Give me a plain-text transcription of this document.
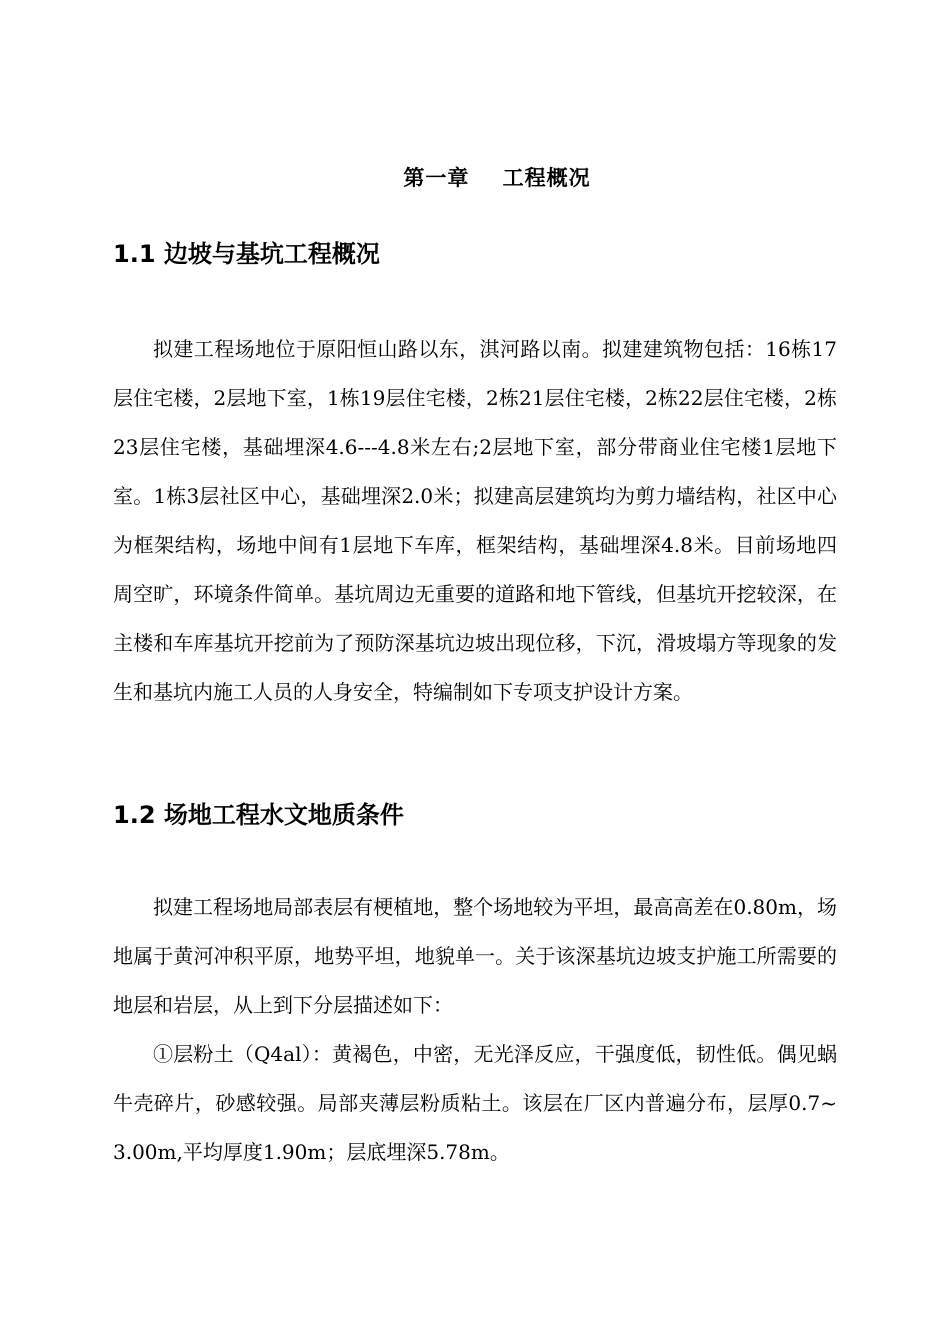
第一章    工程概况
1.1 边坡与基坑工程概况

拟建工程场地位于原阳恒山路以东，淇河路以南。拟建建筑物包括：16栋17层住宅楼，2层地下室，1栋19层住宅楼，2栋21层住宅楼，2栋22层住宅楼，2栋23层住宅楼，基础埋深4.6---4.8米左右;2层地下室，部分带商业住宅楼1层地下室。1栋3层社区中心，基础埋深2.0米；拟建高层建筑均为剪力墙结构，社区中心为框架结构，场地中间有1层地下车库，框架结构，基础埋深4.8米。目前场地四周空旷，环境条件简单。基坑周边无重要的道路和地下管线，但基坑开挖较深，在主楼和车库基坑开挖前为了预防深基坑边坡出现位移，下沉，滑坡塌方等现象的发生和基坑内施工人员的人身安全，特编制如下专项支护设计方案。

1.2 场地工程水文地质条件

拟建工程场地局部表层有梗植地，整个场地较为平坦，最高高差在0.80m，场地属于黄河冲积平原，地势平坦，地貌单一。关于该深基坑边坡支护施工所需要的地层和岩层，从上到下分层描述如下：

①层粉土（Q4al）：黄褐色，中密，无光泽反应，干强度低，韧性低。偶见蜗牛壳碎片，砂感较强。局部夹薄层粉质粘土。该层在厂区内普遍分布，层厚0.7~3.00m,平均厚度1.90m；层底埋深5.78m。
